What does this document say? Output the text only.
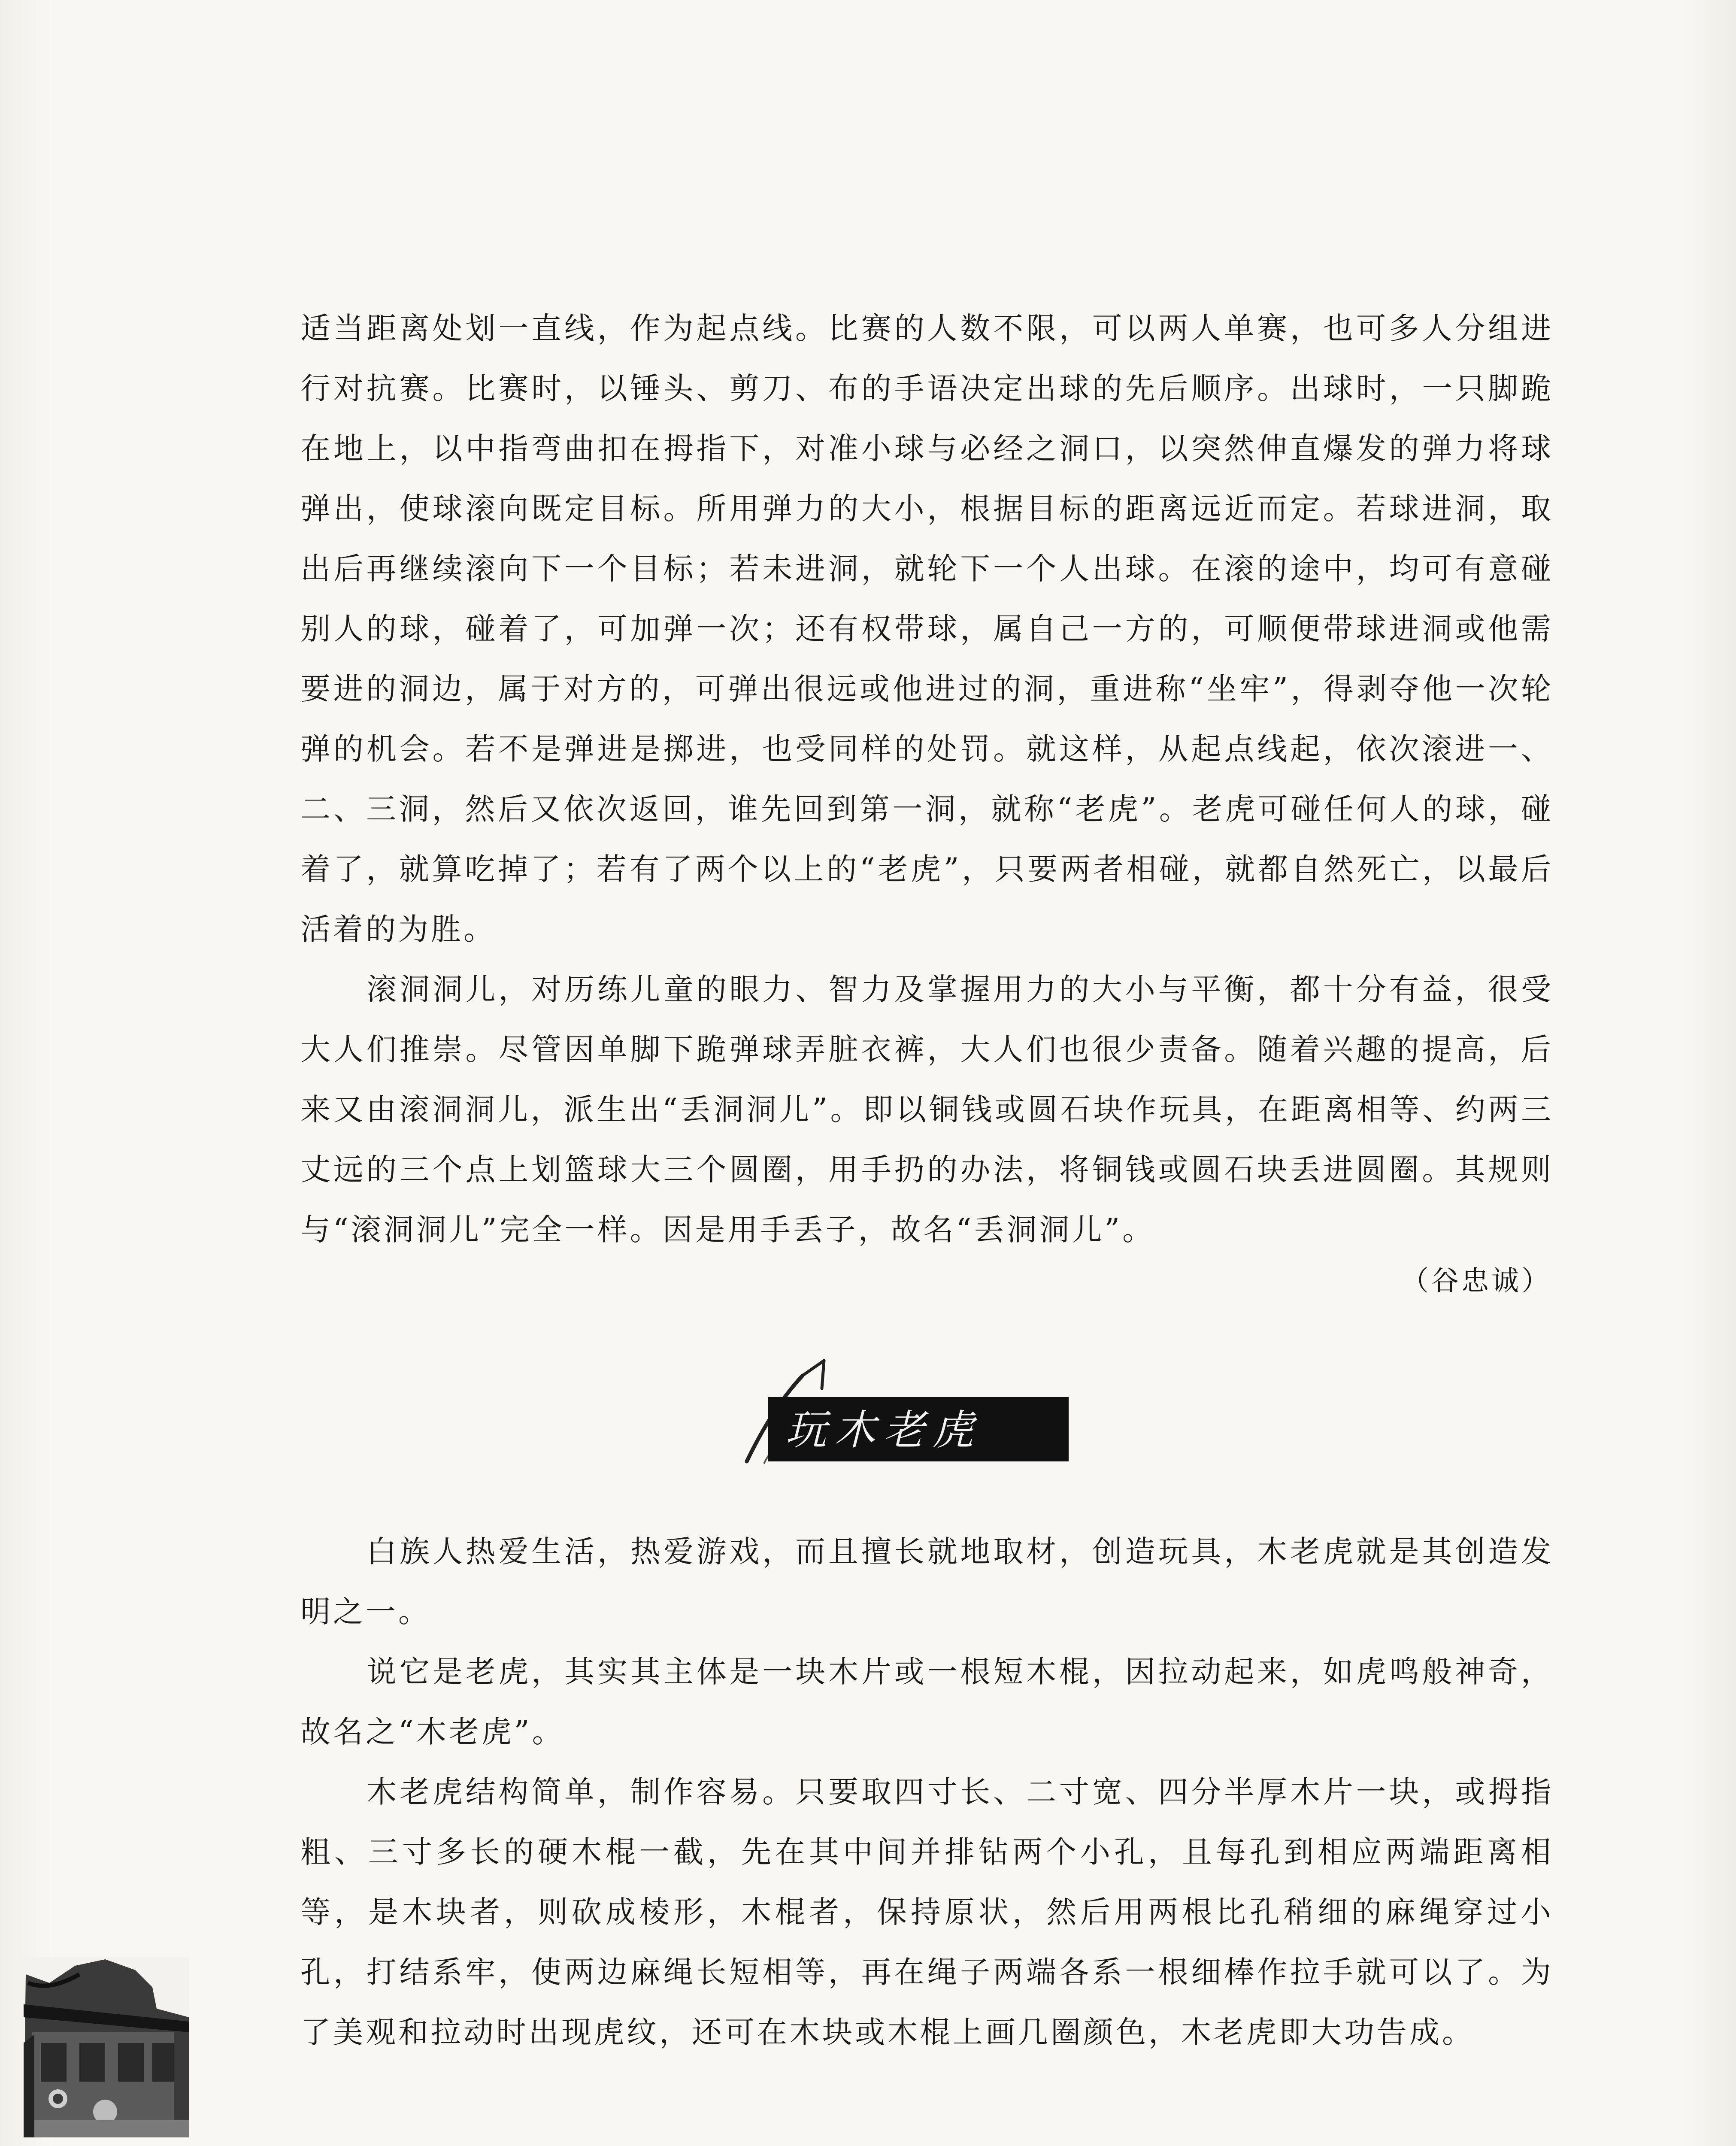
适当距离处划一直线，作为起点线。比赛的人数不限，可以两人单赛，也可多人分组进行对抗赛。比赛时，以锤头、剪刀、布的手语决定出球的先后顺序。出球时，一只脚跪在地上，以中指弯曲扣在拇指下，对准小球与必经之洞口，以突然伸直爆发的弹力将球弹出，使球滚向既定目标。所用弹力的大小，根据目标的距离远近而定。若球进洞，取出后再继续滚向下一个目标；若未进洞，就轮下一个人出球。在滚的途中，均可有意碰别人的球，碰着了，可加弹一次；还有权带球，属自己一方的，可顺便带球进洞或他需要进的洞边，属于对方的，可弹出很远或他进过的洞，重进称“坐牢”，得剥夺他一次轮弹的机会。若不是弹进是掷进，也受同样的处罚。就这样，从起点线起，依次滚进一、二、三洞，然后又依次返回，谁先回到第一洞，就称“老虎”。老虎可碰任何人的球，碰着了，就算吃掉了；若有了两个以上的“老虎”，只要两者相碰，就都自然死亡，以最后活着的为胜。

滚洞洞儿，对历练儿童的眼力、智力及掌握用力的大小与平衡，都十分有益，很受大人们推崇。尽管因单脚下跪弹球弄脏衣裤，大人们也很少责备。随着兴趣的提高，后来又由滚洞洞儿，派生出“丢洞洞儿”。即以铜钱或圆石块作玩具，在距离相等、约两三丈远的三个点上划篮球大三个圆圈，用手扔的办法，将铜钱或圆石块丢进圆圈。其规则与“滚洞洞儿”完全一样。因是用手丢子，故名“丢洞洞儿”。

（谷忠诚）
玩木老虎

白族人热爱生活，热爱游戏，而且擅长就地取材，创造玩具，木老虎就是其创造发明之一。

说它是老虎，其实其主体是一块木片或一根短木棍，因拉动起来，如虎鸣般神奇，故名之“木老虎”。

木老虎结构简单，制作容易。只要取四寸长、二寸宽、四分半厚木片一块，或拇指粗、三寸多长的硬木棍一截，先在其中间并排钻两个小孔，且每孔到相应两端距离相等，是木块者，则砍成棱形，木棍者，保持原状，然后用两根比孔稍细的麻绳穿过小孔，打结系牢，使两边麻绳长短相等，再在绳子两端各系一根细棒作拉手就可以了。为了美观和拉动时出现虎纹，还可在木块或木棍上画几圈颜色，木老虎即大功告成。
